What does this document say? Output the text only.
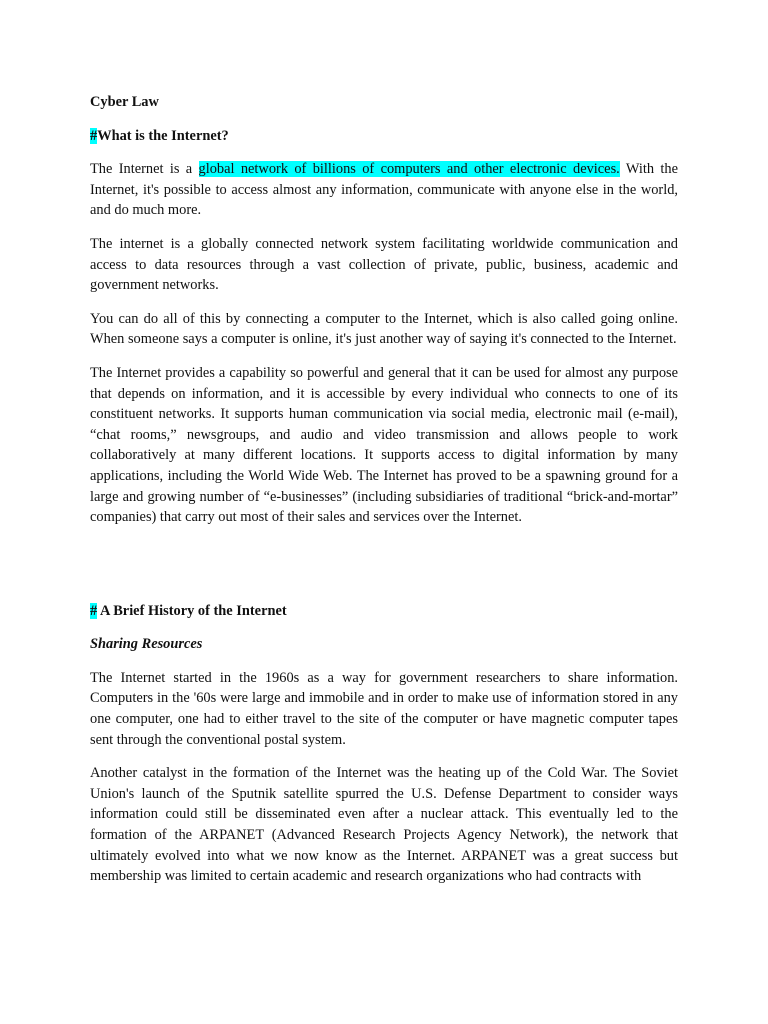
Cyber Law
#What is the Internet?

The Internet is a global network of billions of computers and other electronic devices. With the Internet, it's possible to access almost any information, communicate with anyone else in the world, and do much more.

The internet is a globally connected network system facilitating worldwide communication and access to data resources through a vast collection of private, public, business, academic and government networks.

You can do all of this by connecting a computer to the Internet, which is also called going online. When someone says a computer is online, it's just another way of saying it's connected to the Internet.

The Internet provides a capability so powerful and general that it can be used for almost any purpose that depends on information, and it is accessible by every individual who connects to one of its constituent networks. It supports human communication via social media, electronic mail (e-mail), “chat rooms,” newsgroups, and audio and video transmission and allows people to work collaboratively at many different locations. It supports access to digital information by many applications, including the World Wide Web. The Internet has proved to be a spawning ground for a large and growing number of “e-businesses” (including subsidiaries of traditional “brick-and-mortar” companies) that carry out most of their sales and services over the Internet.

# A Brief History of the Internet
Sharing Resources

The Internet started in the 1960s as a way for government researchers to share information. Computers in the '60s were large and immobile and in order to make use of information stored in any one computer, one had to either travel to the site of the computer or have magnetic computer tapes sent through the conventional postal system.

Another catalyst in the formation of the Internet was the heating up of the Cold War. The Soviet Union's launch of the Sputnik satellite spurred the U.S. Defense Department to consider ways information could still be disseminated even after a nuclear attack. This eventually led to the formation of the ARPANET (Advanced Research Projects Agency Network), the network that ultimately evolved into what we now know as the Internet. ARPANET was a great success but membership was limited to certain academic and research organizations who had contracts with
